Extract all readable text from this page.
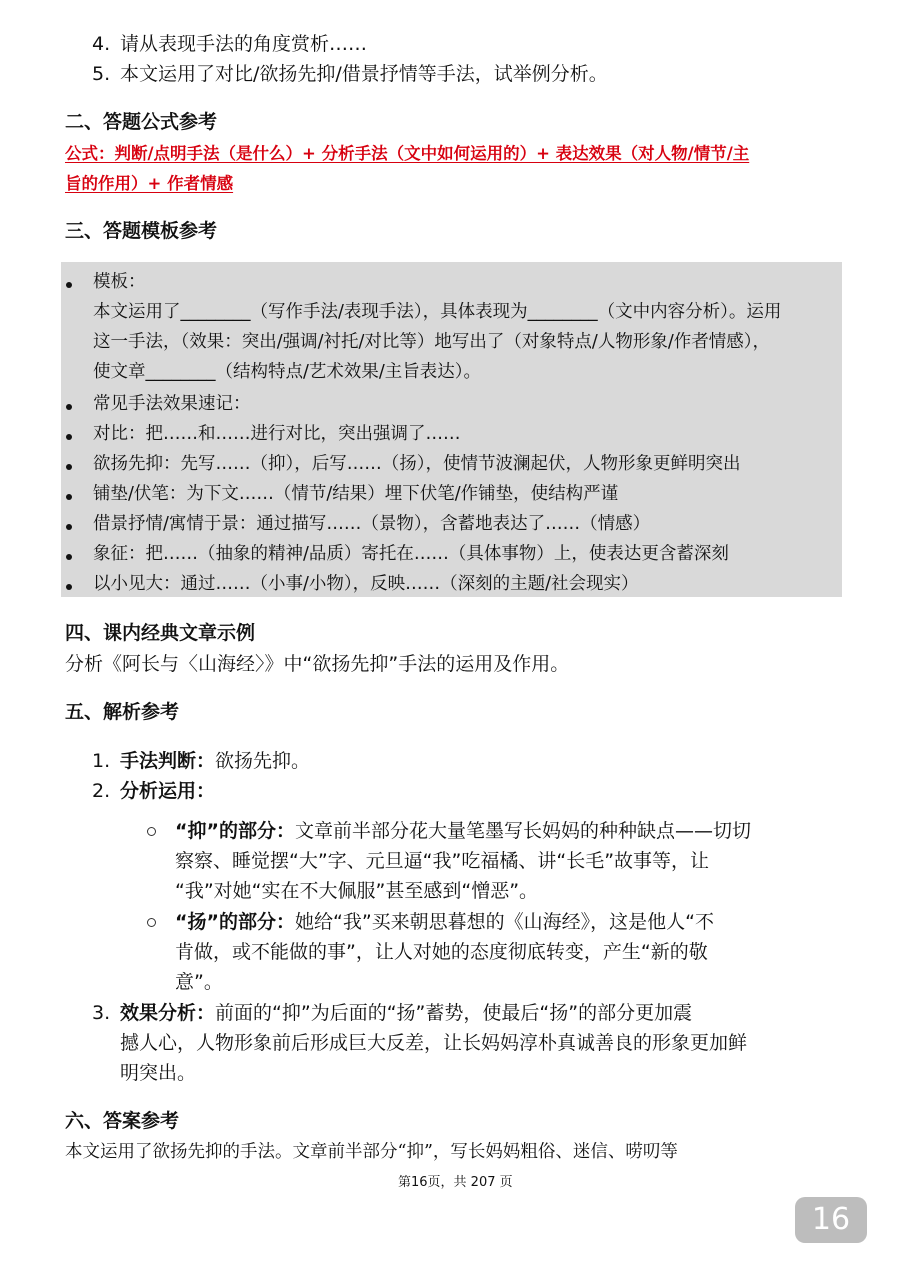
4. 请从表现手法的角度赏析……
5. 本文运用了对比/欲扬先抑/借景抒情等手法，试举例分析。
二、答题公式参考
公式：判断/点明手法（是什么）+ 分析手法（文中如何运用的）+ 表达效果（对人物/情节/主
旨的作用）+ 作者情感
三、答题模板参考
模板：
本文运用了________（写作手法/表现手法），具体表现为________（文中内容分析）。运用
这一手法，（效果：突出/强调/衬托/对比等）地写出了（对象特点/人物形象/作者情感），
使文章________（结构特点/艺术效果/主旨表达）。
常见手法效果速记：
对比：把……和……进行对比，突出强调了……
欲扬先抑：先写……（抑），后写……（扬），使情节波澜起伏，人物形象更鲜明突出
铺垫/伏笔：为下文……（情节/结果）埋下伏笔/作铺垫，使结构严谨
借景抒情/寓情于景：通过描写……（景物），含蓄地表达了……（情感）
象征：把……（抽象的精神/品质）寄托在……（具体事物）上，使表达更含蓄深刻
以小见大：通过……（小事/小物），反映……（深刻的主题/社会现实）
四、课内经典文章示例
分析《阿长与〈山海经〉》中“欲扬先抑”手法的运用及作用。
五、解析参考
1. 手法判断：欲扬先抑。
2. 分析运用：
“抑”的部分：文章前半部分花大量笔墨写长妈妈的种种缺点——切切
察察、睡觉摆“大”字、元旦逼“我”吃福橘、讲“长毛”故事等，让
“我”对她“实在不大佩服”甚至感到“憎恶”。
“扬”的部分：她给“我”买来朝思暮想的《山海经》，这是他人“不
肯做，或不能做的事”，让人对她的态度彻底转变，产生“新的敬
意”。
3. 效果分析：前面的“抑”为后面的“扬”蓄势，使最后“扬”的部分更加震
撼人心，人物形象前后形成巨大反差，让长妈妈淳朴真诚善良的形象更加鲜
明突出。
六、答案参考
本文运用了欲扬先抑的手法。文章前半部分“抑”，写长妈妈粗俗、迷信、唠叨等
第16页，共 207 页
16
